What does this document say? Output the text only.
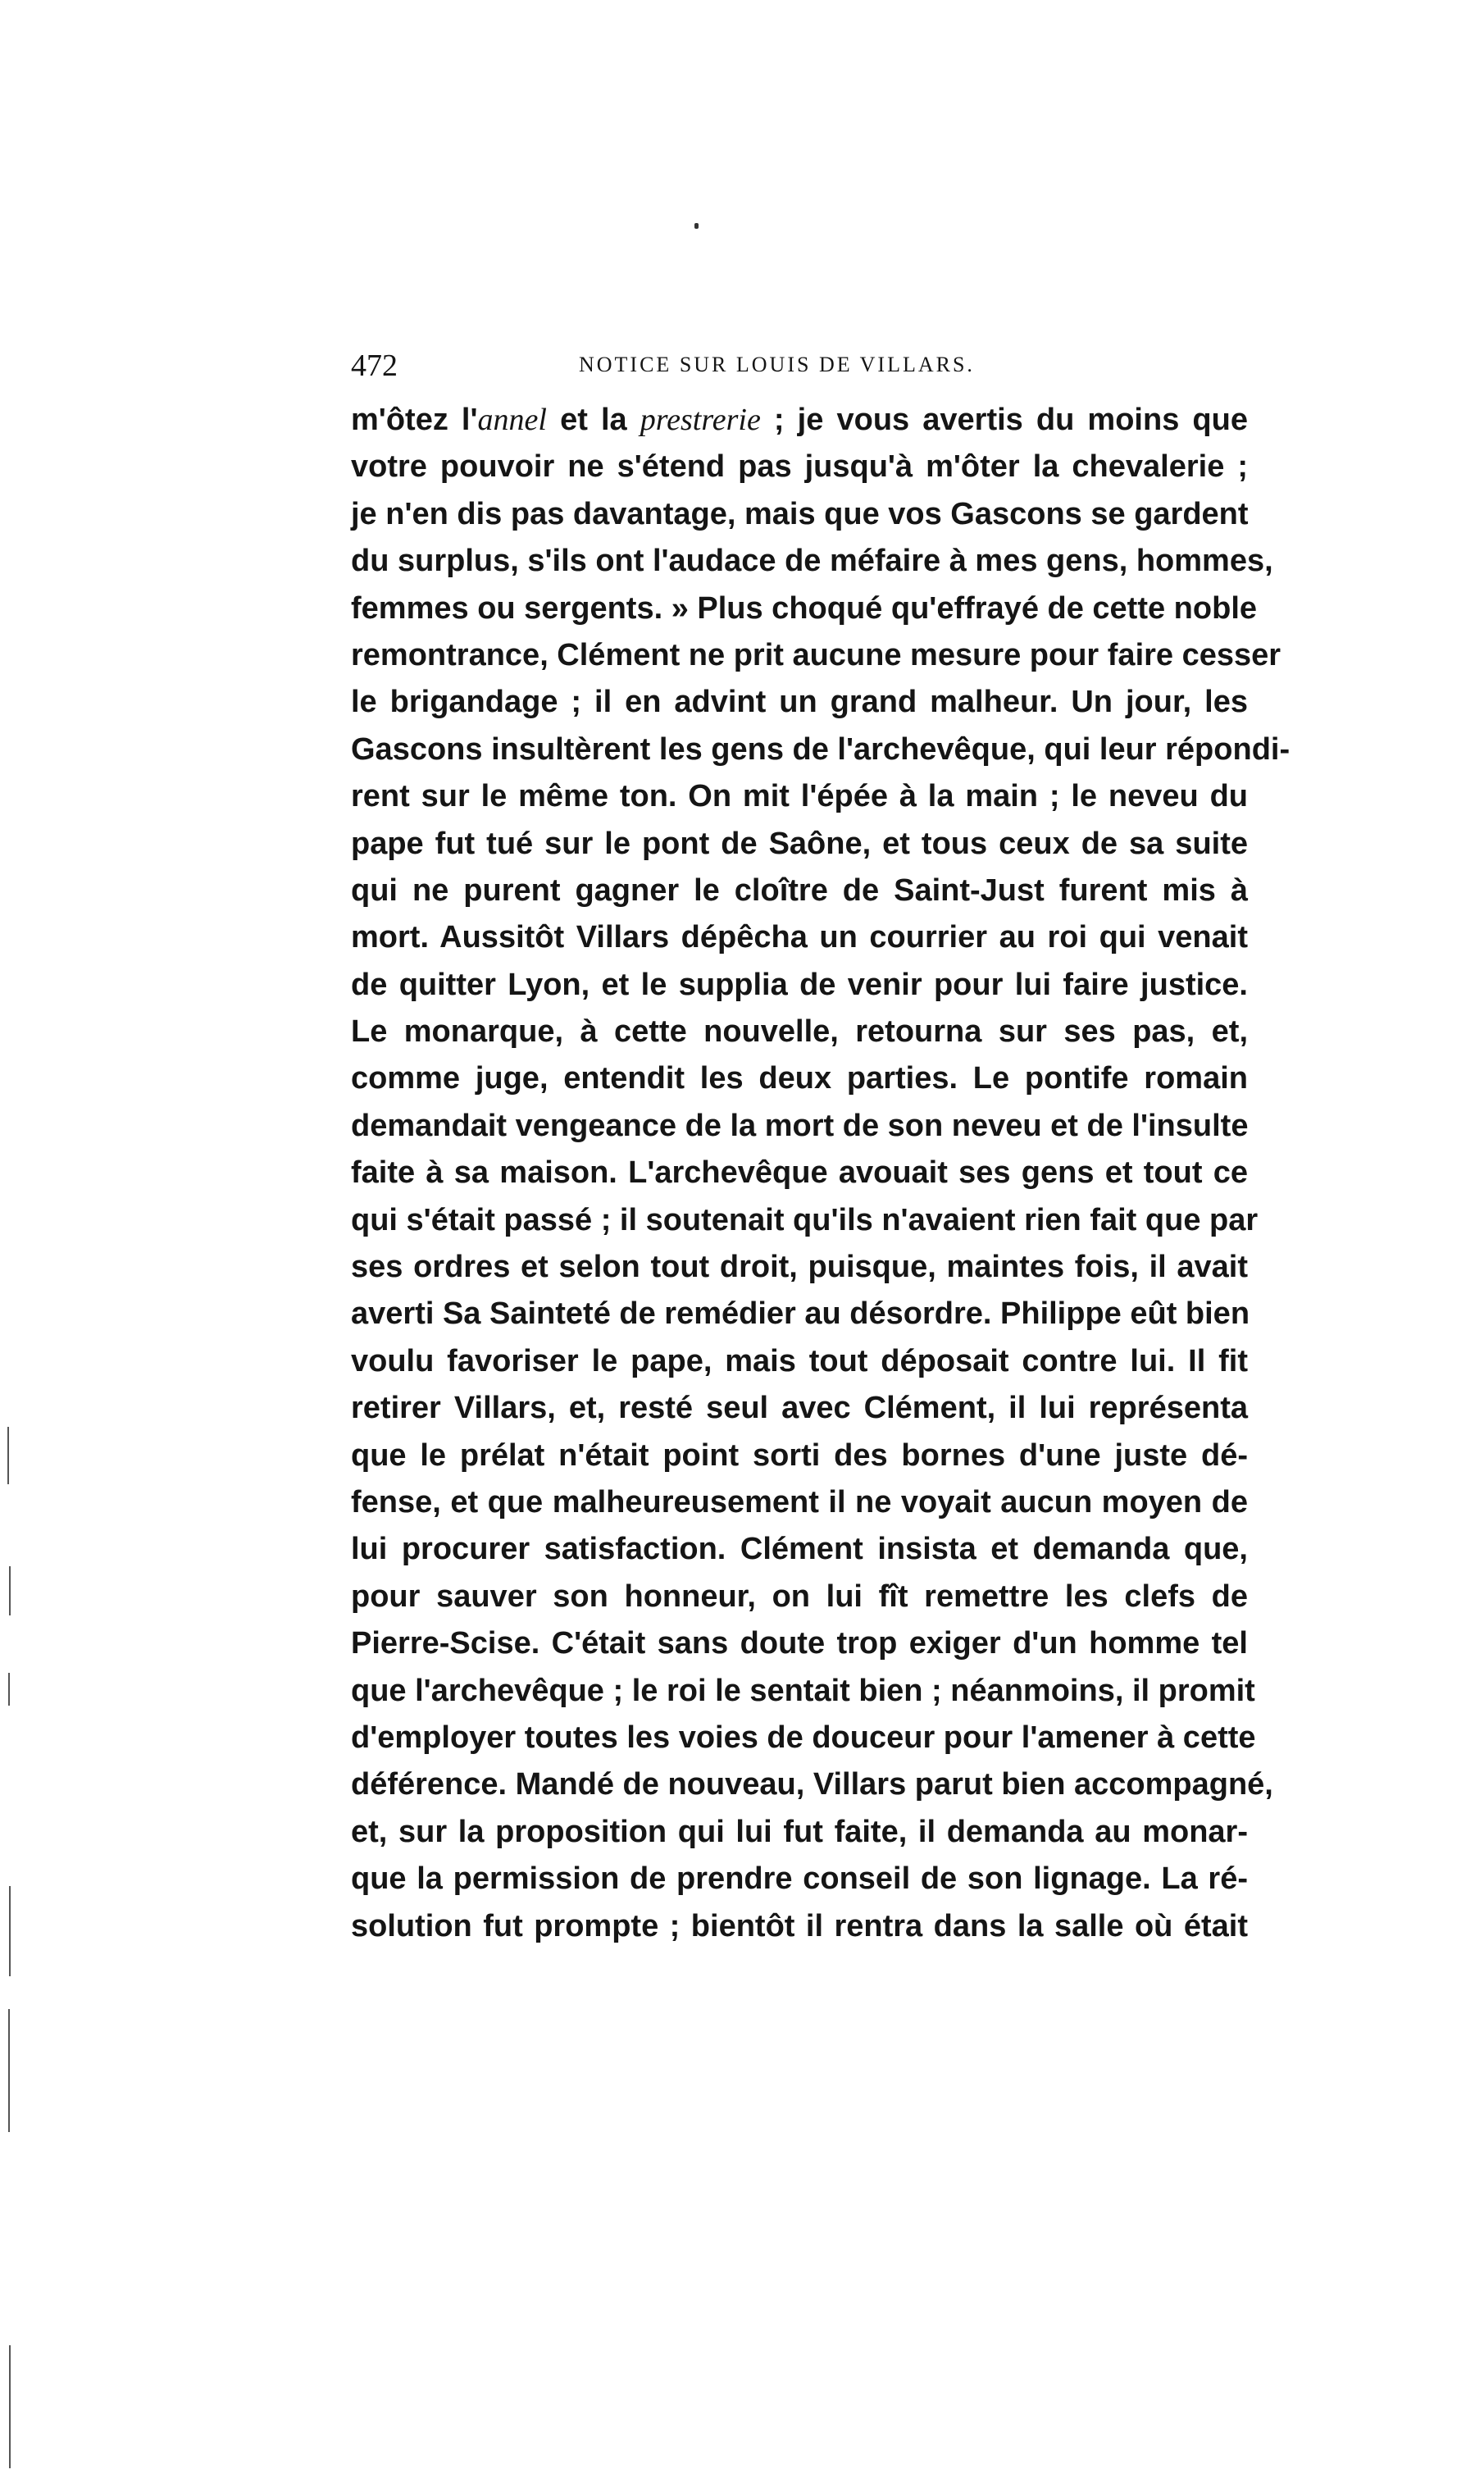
472	NOTICE SUR LOUIS DE VILLARS.
m'ôtez l'annel et la prestrerie ; je vous avertis du moins que
votre pouvoir ne s'étend pas jusqu'à m'ôter la chevalerie ;
je n'en dis pas davantage, mais que vos Gascons se gardent
du surplus, s'ils ont l'audace de méfaire à mes gens, hommes,
femmes ou sergents. » Plus choqué qu'effrayé de cette noble
remontrance, Clément ne prit aucune mesure pour faire cesser
le brigandage ; il en advint un grand malheur. Un jour, les
Gascons insultèrent les gens de l'archevêque, qui leur répondi-
rent sur le même ton. On mit l'épée à la main ; le neveu du
pape fut tué sur le pont de Saône, et tous ceux de sa suite
qui ne purent gagner le cloître de Saint-Just furent mis à
mort. Aussitôt Villars dépêcha un courrier au roi qui venait
de quitter Lyon, et le supplia de venir pour lui faire justice.
Le monarque, à cette nouvelle, retourna sur ses pas, et,
comme juge, entendit les deux parties. Le pontife romain
demandait vengeance de la mort de son neveu et de l'insulte
faite à sa maison. L'archevêque avouait ses gens et tout ce
qui s'était passé ; il soutenait qu'ils n'avaient rien fait que par
ses ordres et selon tout droit, puisque, maintes fois, il avait
averti Sa Sainteté de remédier au désordre. Philippe eût bien
voulu favoriser le pape, mais tout déposait contre lui. Il fit
retirer Villars, et, resté seul avec Clément, il lui représenta
que le prélat n'était point sorti des bornes d'une juste dé-
fense, et que malheureusement il ne voyait aucun moyen de
lui procurer satisfaction. Clément insista et demanda que,
pour sauver son honneur, on lui fît remettre les clefs de
Pierre-Scise. C'était sans doute trop exiger d'un homme tel
que l'archevêque ; le roi le sentait bien ; néanmoins, il promit
d'employer toutes les voies de douceur pour l'amener à cette
déférence. Mandé de nouveau, Villars parut bien accompagné,
et, sur la proposition qui lui fut faite, il demanda au monar-
que la permission de prendre conseil de son lignage. La ré-
solution fut prompte ; bientôt il rentra dans la salle où était
